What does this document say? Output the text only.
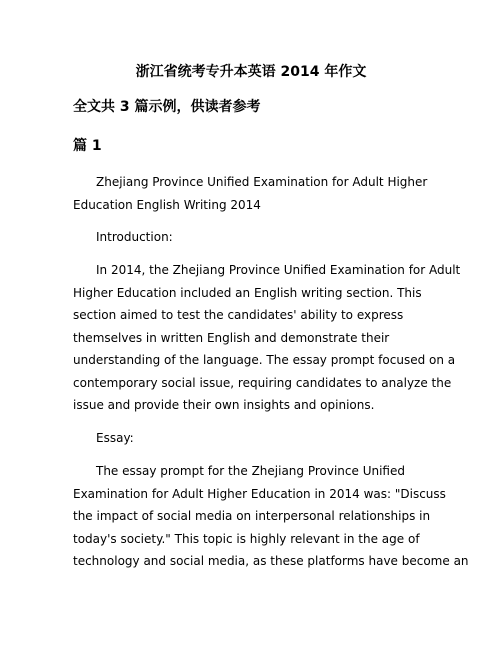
浙江省统考专升本英语 2014 年作文
全文共 3 篇示例，供读者参考
篇 1
Zhejiang Province Unified Examination for Adult Higher
Education English Writing 2014
Introduction:
In 2014, the Zhejiang Province Unified Examination for Adult
Higher Education included an English writing section. This
section aimed to test the candidates' ability to express
themselves in written English and demonstrate their
understanding of the language. The essay prompt focused on a
contemporary social issue, requiring candidates to analyze the
issue and provide their own insights and opinions.
Essay:
The essay prompt for the Zhejiang Province Unified
Examination for Adult Higher Education in 2014 was: "Discuss
the impact of social media on interpersonal relationships in
today's society." This topic is highly relevant in the age of
technology and social media, as these platforms have become an
